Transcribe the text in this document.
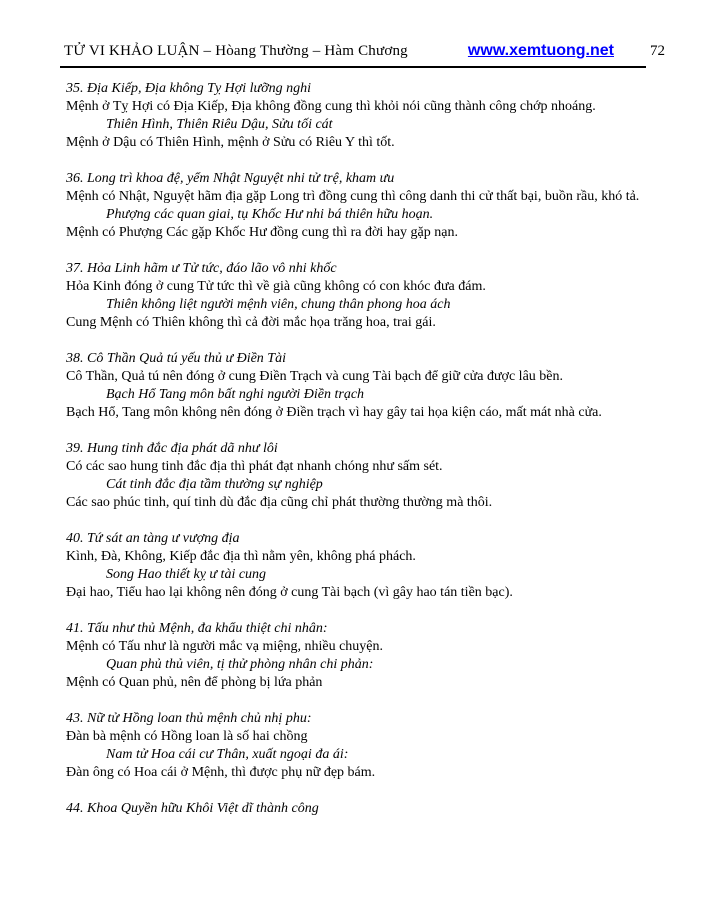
TỬ VI KHẢO LUẬN – Hòang Thường – Hàm Chương	www.xemtuong.net 72

35. Địa Kiếp, Địa không Tỵ Hợi lưỡng nghi

Mệnh ở Tỵ Hợi có Địa Kiếp, Địa không đồng cung thì khỏi nói cũng thành công chớp nhoáng.

Thiên Hình, Thiên Riêu Dậu, Sửu tối cát

Mệnh ở Dậu có Thiên Hình, mệnh ở Sửu có Riêu Y thì tốt.

36. Long trì khoa đệ, yểm Nhật Nguyệt nhi tử trệ, kham ưu

Mệnh có Nhật, Nguyệt hãm địa gặp Long trì đồng cung thì công danh thi cử thất bại, buồn rầu, khó tả.

Phượng các quan giai, tụ Khốc Hư nhi bá thiên hữu hoạn.

Mệnh có Phượng Các gặp Khốc Hư đồng cung thì ra đời hay gặp nạn.

37. Hỏa Linh hãm ư Tử tức, đáo lão vô nhi khốc

Hỏa Kinh đóng ở cung Tử tức thì về già cũng không có con khóc đưa đám.

Thiên không liệt người mệnh viên, chung thân phong hoa ách

Cung Mệnh có Thiên không thì cả đời mắc họa trăng hoa, trai gái.

38. Cô Thần Quả tú yếu thủ ư Điền Tài

Cô Thần, Quả tú nên đóng ở cung Điền Trạch và cung Tài bạch để giữ cửa được lâu bền.

Bạch Hổ Tang môn bất nghi người Điền trạch

Bạch Hổ, Tang môn không nên đóng ở Điền trạch vì hay gây tai họa kiện cáo, mất mát nhà cửa.

39. Hung tinh đắc địa phát dã như lôi

Có các sao hung tinh đắc địa thì phát đạt nhanh chóng như sấm sét.

Cát tinh đắc địa tầm thường sự nghiệp

Các sao phúc tinh, quí tinh dù đắc địa cũng chỉ phát thường thường mà thôi.

40. Tứ sát an tàng ư vượng địa

Kình, Đà, Không, Kiếp đắc địa thì nằm yên, không phá phách.

Song Hao thiết kỵ ư tài cung

Đại hao, Tiểu hao lại không nên đóng ở cung Tài bạch (vì gây hao tán tiền bạc).

41. Tấu như thủ Mệnh, đa khẩu thiệt chi nhân:

Mệnh có Tấu như là người mắc vạ miệng, nhiều chuyện.

Quan phủ thủ viên, tị thử phòng nhân chi phản:

Mệnh có Quan phủ, nên để phòng bị lứa phản

43. Nữ tử Hồng loan thủ mệnh chủ nhị phu:

Đàn bà mệnh có Hồng loan là số hai chồng

Nam tử Hoa cái cư Thân, xuất ngoại đa ái:

Đàn ông có Hoa cái ở Mệnh, thì được phụ nữ đẹp bám.

44. Khoa Quyền hữu Khôi Việt dĩ thành công
